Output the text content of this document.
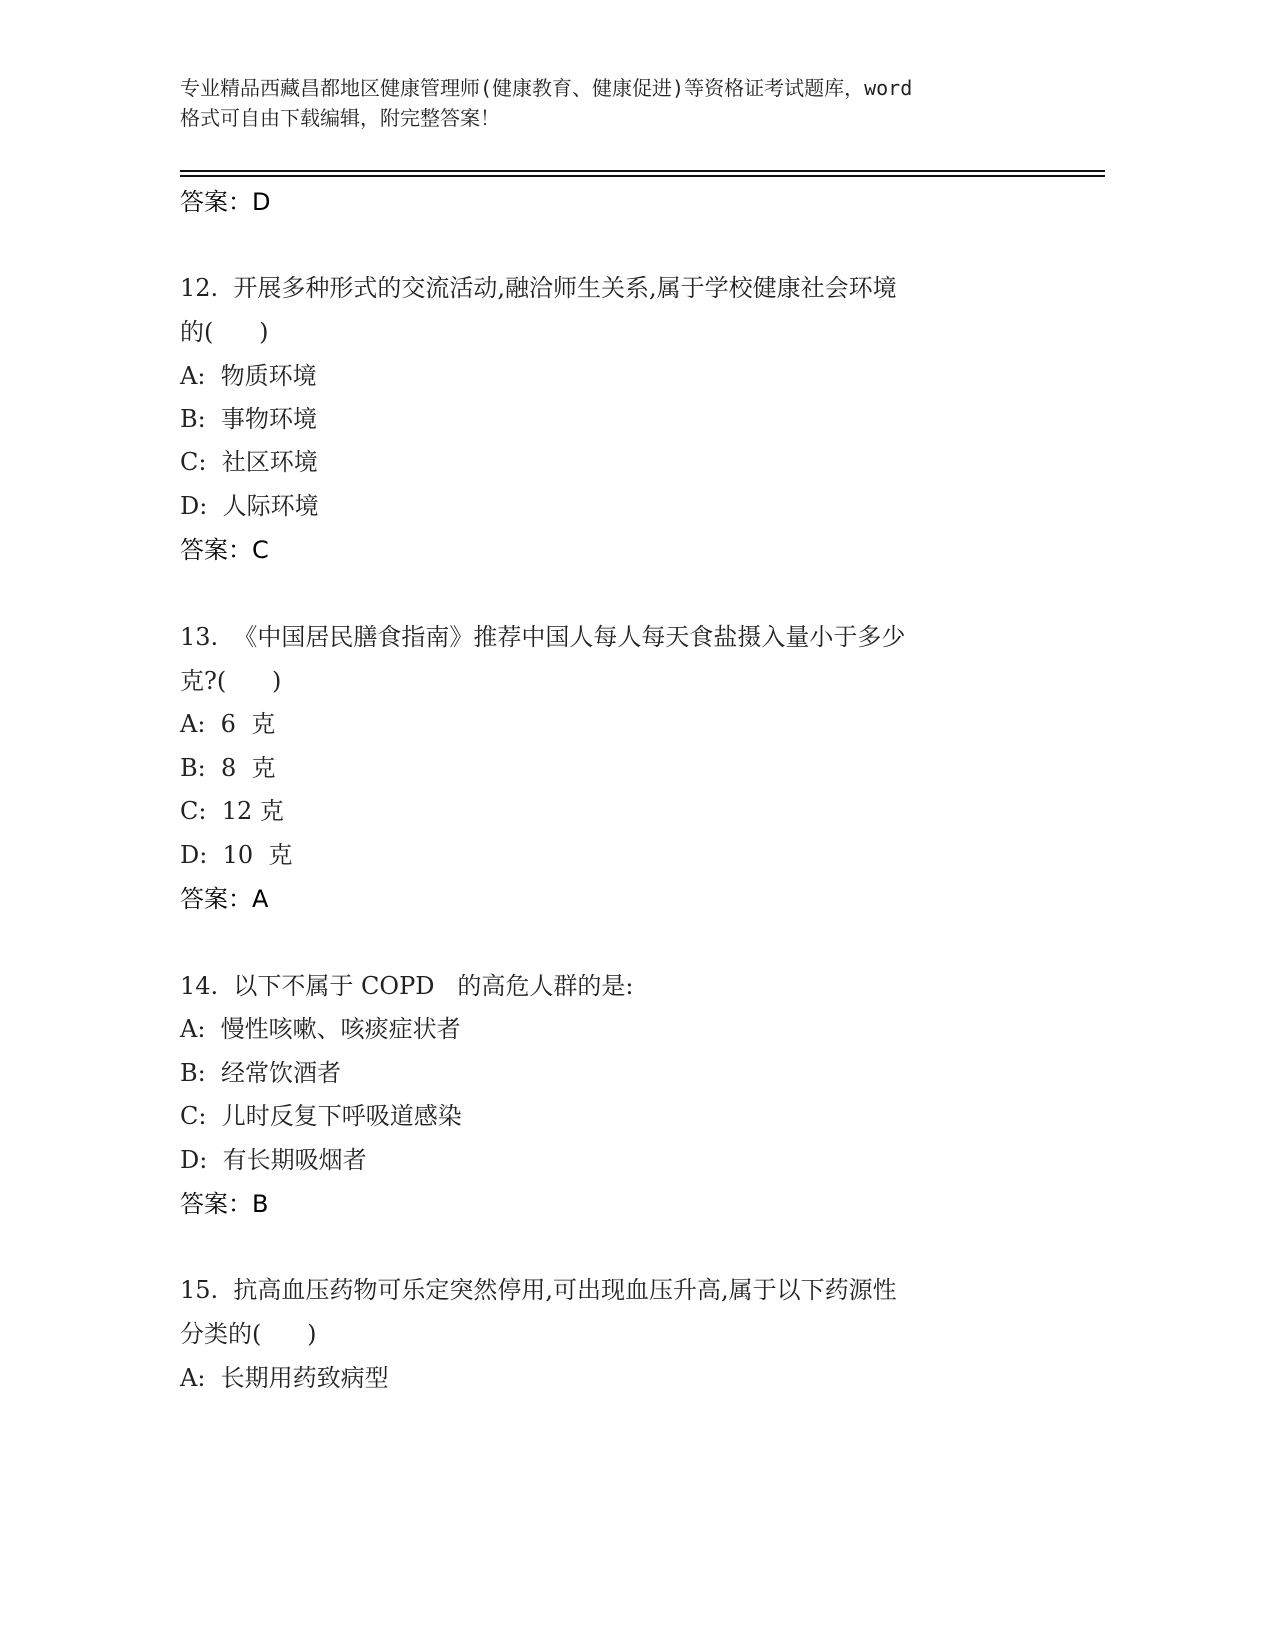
专业精品西藏昌都地区健康管理师(健康教育、健康促进)等资格证考试题库，word
格式可自由下载编辑，附完整答案！
答案：D
12.  开展多种形式的交流活动,融洽师生关系,属于学校健康社会环境
的(      )
A:  物质环境
B:  事物环境
C:  社区环境
D:  人际环境
答案：C
13.  《中国居民膳食指南》推荐中国人每人每天食盐摄入量小于多少
克?(      )
A:  6  克
B:  8  克
C:  12 克
D:  10  克
答案：A
14.  以下不属于 COPD   的高危人群的是:
A:  慢性咳嗽、咳痰症状者
B:  经常饮酒者
C:  儿时反复下呼吸道感染
D:  有长期吸烟者
答案：B
15.  抗高血压药物可乐定突然停用,可出现血压升高,属于以下药源性
分类的(      )
A:  长期用药致病型
